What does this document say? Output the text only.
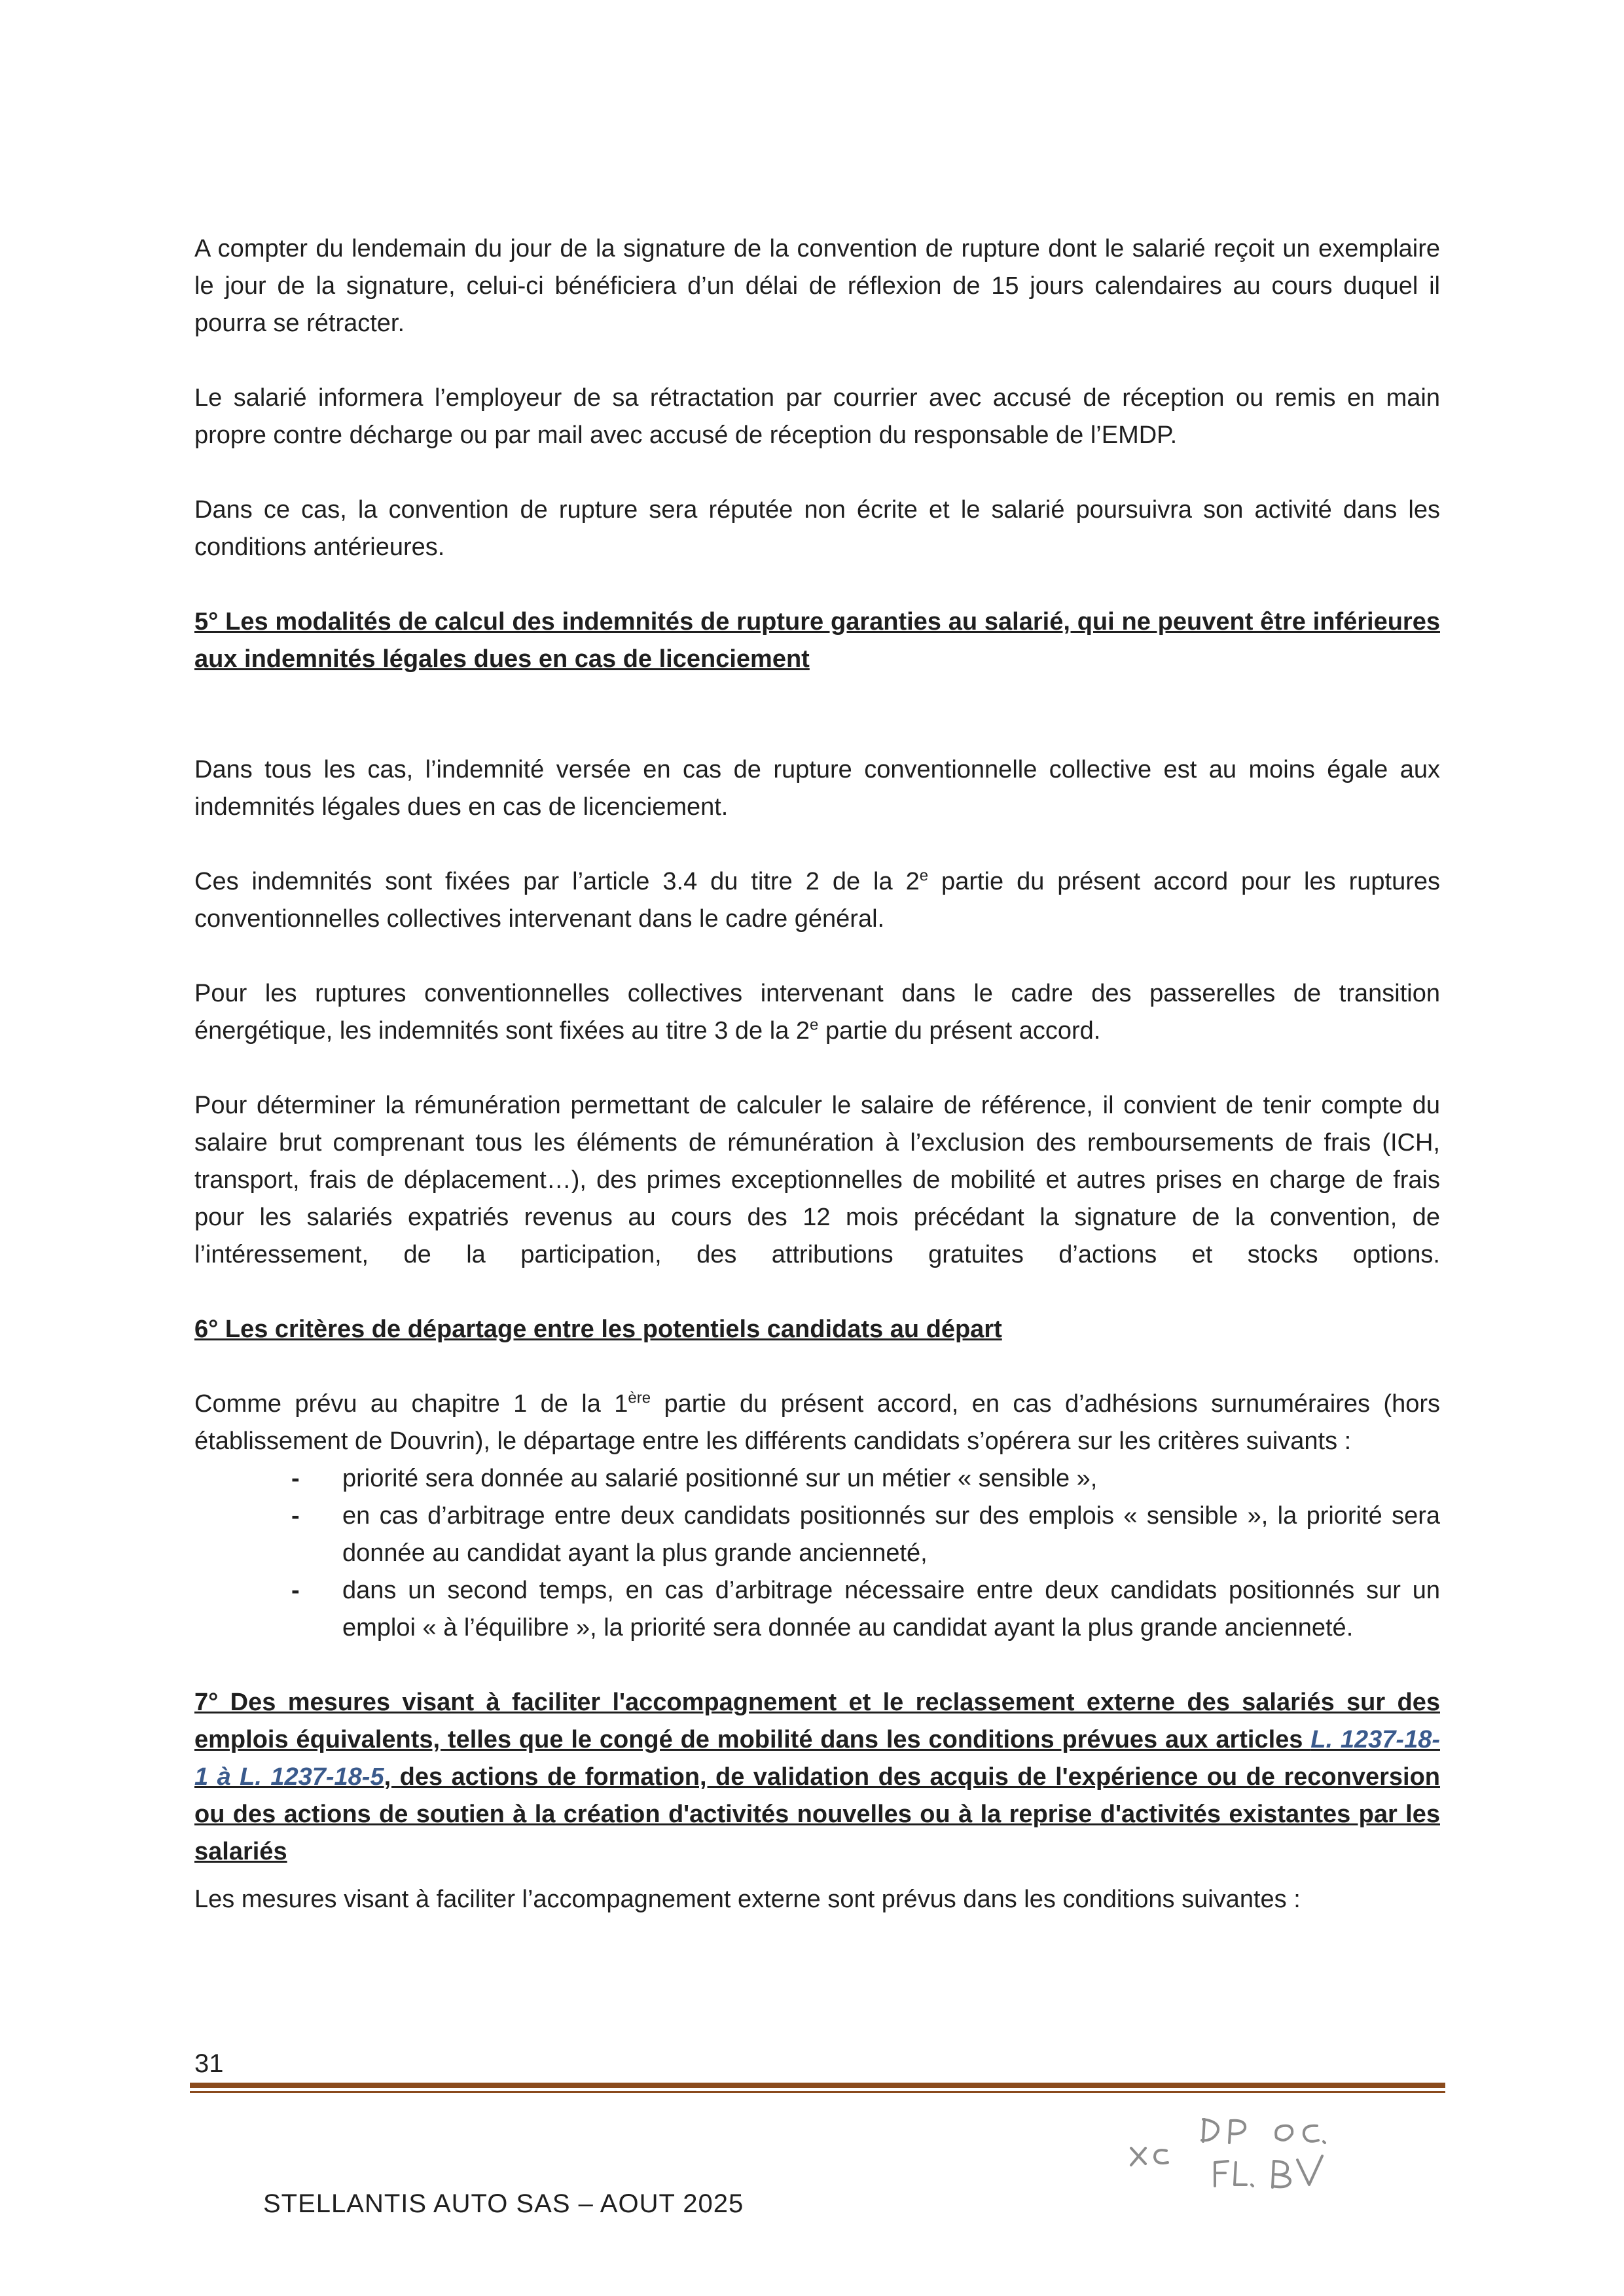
A compter du lendemain du jour de la signature de la convention de rupture dont le salarié reçoit un exemplaire le jour de la signature, celui-ci bénéficiera d’un délai de réflexion de 15 jours calendaires au cours duquel il pourra se rétracter.

Le salarié informera l’employeur de sa rétractation par courrier avec accusé de réception ou remis en main propre contre décharge ou par mail avec accusé de réception du responsable de l’EMDP.

Dans ce cas, la convention de rupture sera réputée non écrite et le salarié poursuivra son activité dans les conditions antérieures.

5° Les modalités de calcul des indemnités de rupture garanties au salarié, qui ne peuvent être inférieures aux indemnités légales dues en cas de licenciement

Dans tous les cas, l’indemnité versée en cas de rupture conventionnelle collective est au moins égale aux indemnités légales dues en cas de licenciement.

Ces indemnités sont fixées par l’article 3.4 du titre 2 de la 2e partie du présent accord pour les ruptures conventionnelles collectives intervenant dans le cadre général.

Pour les ruptures conventionnelles collectives intervenant dans le cadre des passerelles de transition énergétique, les indemnités sont fixées au titre 3 de la 2e partie du présent accord.

Pour déterminer la rémunération permettant de calculer le salaire de référence, il convient de tenir compte du salaire brut comprenant tous les éléments de rémunération à l’exclusion des remboursements de frais (ICH, transport, frais de déplacement…), des primes exceptionnelles de mobilité et autres prises en charge de frais pour les salariés expatriés revenus au cours des 12 mois précédant la signature de la convention, de l’intéressement, de la participation, des attributions gratuites d’actions et stocks options.

6° Les critères de départage entre les potentiels candidats au départ

Comme prévu au chapitre 1 de la 1ère partie du présent accord, en cas d’adhésions surnuméraires (hors établissement de Douvrin), le départage entre les différents candidats s’opérera sur les critères suivants :

- priorité sera donnée au salarié positionné sur un métier « sensible »,
- en cas d’arbitrage entre deux candidats positionnés sur des emplois « sensible », la priorité sera donnée au candidat ayant la plus grande ancienneté,
- dans un second temps, en cas d’arbitrage nécessaire entre deux candidats positionnés sur un emploi « à l’équilibre », la priorité sera donnée au candidat ayant la plus grande ancienneté.

7° Des mesures visant à faciliter l'accompagnement et le reclassement externe des salariés sur des emplois équivalents, telles que le congé de mobilité dans les conditions prévues aux articles L. 1237-18-1 à L. 1237-18-5, des actions de formation, de validation des acquis de l'expérience ou de reconversion ou des actions de soutien à la création d'activités nouvelles ou à la reprise d'activités existantes par les salariés

Les mesures visant à faciliter l’accompagnement externe sont prévus dans les conditions suivantes :

31
STELLANTIS AUTO SAS – AOUT 2025
